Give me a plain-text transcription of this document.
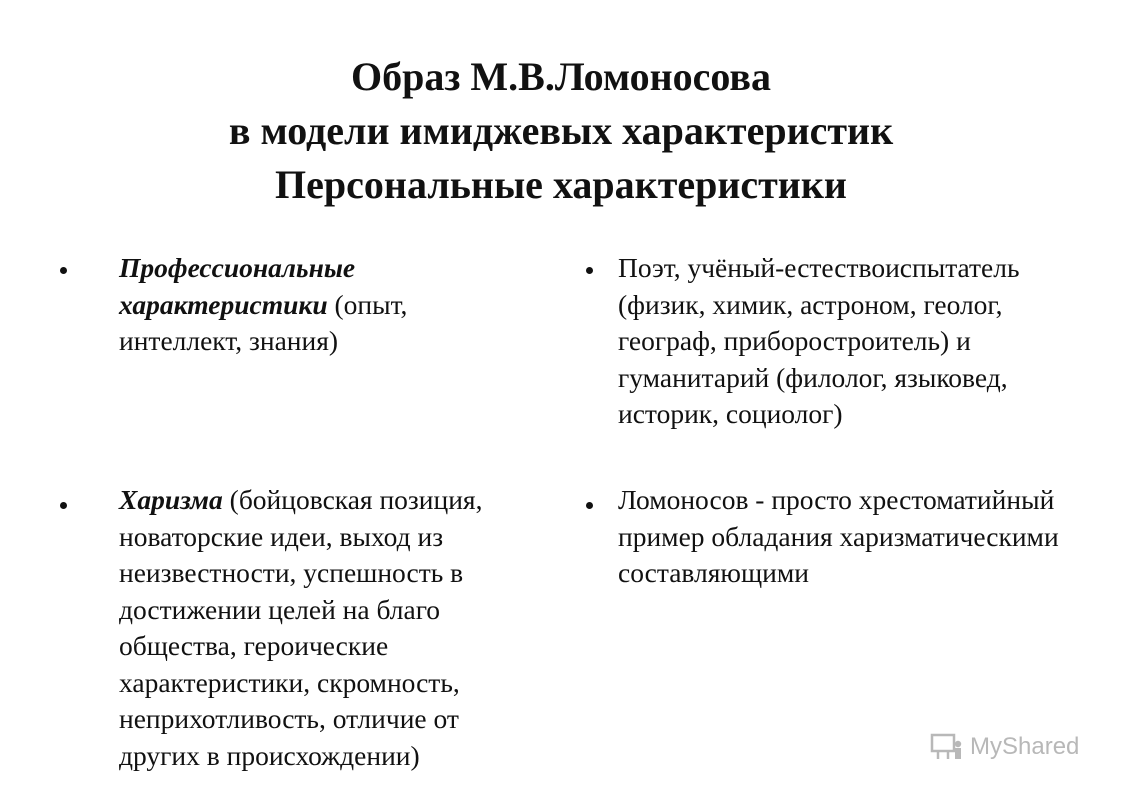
Образ М.В.Ломоносова
в модели имиджевых характеристик
Персональные характеристики
Профессиональные характеристики (опыт, интеллект, знания)
Харизма (бойцовская позиция, новаторские идеи, выход из неизвестности, успешность в достижении целей на благо общества, героические характеристики, скромность, неприхотливость, отличие от других в происхождении)
Поэт, учёный-естествоиспытатель (физик, химик, астроном, геолог, географ, приборостроитель) и гуманитарий (филолог, языковед, историк, социолог)
Ломоносов - просто хрестоматийный пример обладания харизматическими составляющими
MyShared
